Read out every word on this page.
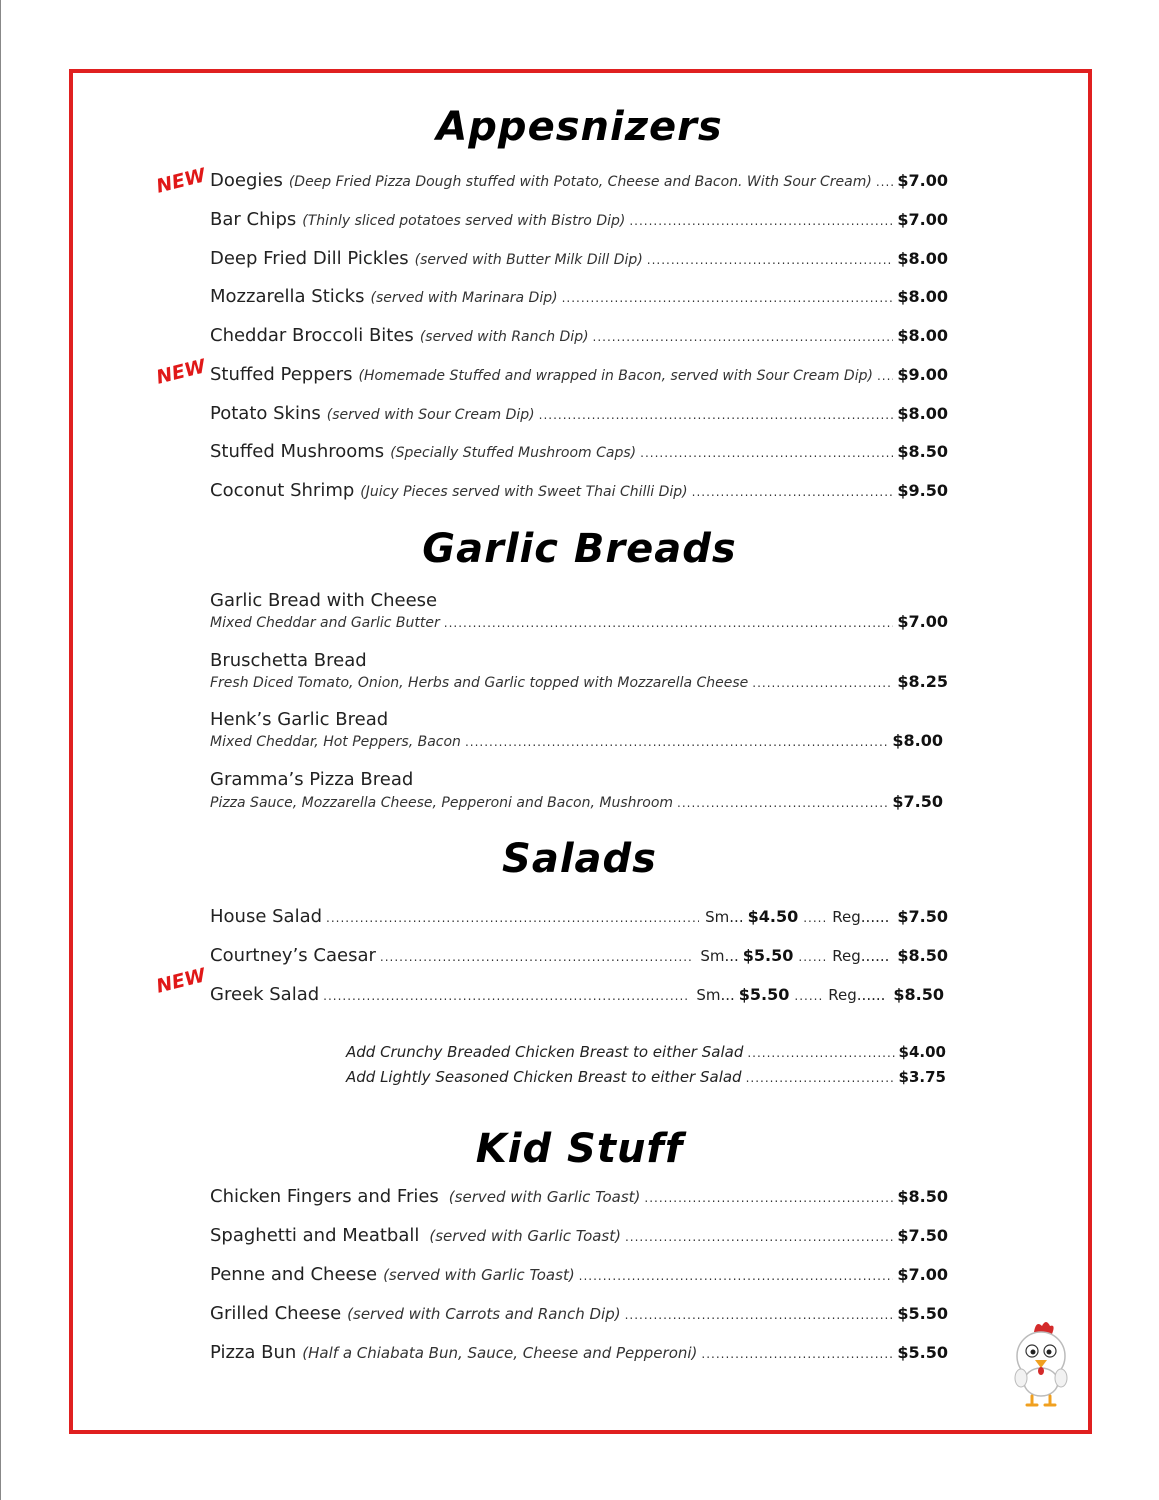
Appesnizers
NEW Doegies (Deep Fried Pizza Dough stuffed with Potato, Cheese and Bacon. With Sour Cream) ..... $7.00
Bar Chips (Thinly sliced potatoes served with Bistro Dip) .....	$7.00
Deep Fried Dill Pickles (served with Butter Milk Dill Dip) .....	$8.00
Mozzarella Sticks (served with Marinara Dip) .....	$8.00
Cheddar Broccoli Bites (served with Ranch Dip) .....	$8.00
NEW Stuffed Peppers (Homemade Stuffed and wrapped in Bacon, served with Sour Cream Dip) ..... $9.00
Potato Skins (served with Sour Cream Dip) .....	$8.00
Stuffed Mushrooms (Specially Stuffed Mushroom Caps) .....	$8.50
Coconut Shrimp (Juicy Pieces served with Sweet Thai Chilli Dip) .....	$9.50
Garlic Breads
Garlic Bread with Cheese
Mixed Cheddar and Garlic Butter .....	$7.00
Bruschetta Bread
Fresh Diced Tomato, Onion, Herbs and Garlic topped with Mozzarella Cheese .....	$8.25
Henk’s Garlic Bread
Mixed Cheddar, Hot Peppers, Bacon .....	$8.00
Gramma’s Pizza Bread
Pizza Sauce, Mozzarella Cheese, Pepperoni and Bacon, Mushroom .....	$7.50
Salads
House Salad .....	Sm... $4.50 ..... Reg...... $7.50
Courtney’s Caesar .....	Sm... $5.50 ...... Reg...... $8.50
NEW Greek Salad .....	Sm... $5.50 ...... Reg...... $8.50
Add Crunchy Breaded Chicken Breast to either Salad .....	$4.00
Add Lightly Seasoned Chicken Breast to either Salad .....	$3.75
Kid Stuff
Chicken Fingers and Fries (served with Garlic Toast) .....	$8.50
Spaghetti and Meatball (served with Garlic Toast) .....	$7.50
Penne and Cheese (served with Garlic Toast) .....	$7.00
Grilled Cheese (served with Carrots and Ranch Dip) .....	$5.50
Pizza Bun (Half a Chiabata Bun, Sauce, Cheese and Pepperoni) .....	$5.50
